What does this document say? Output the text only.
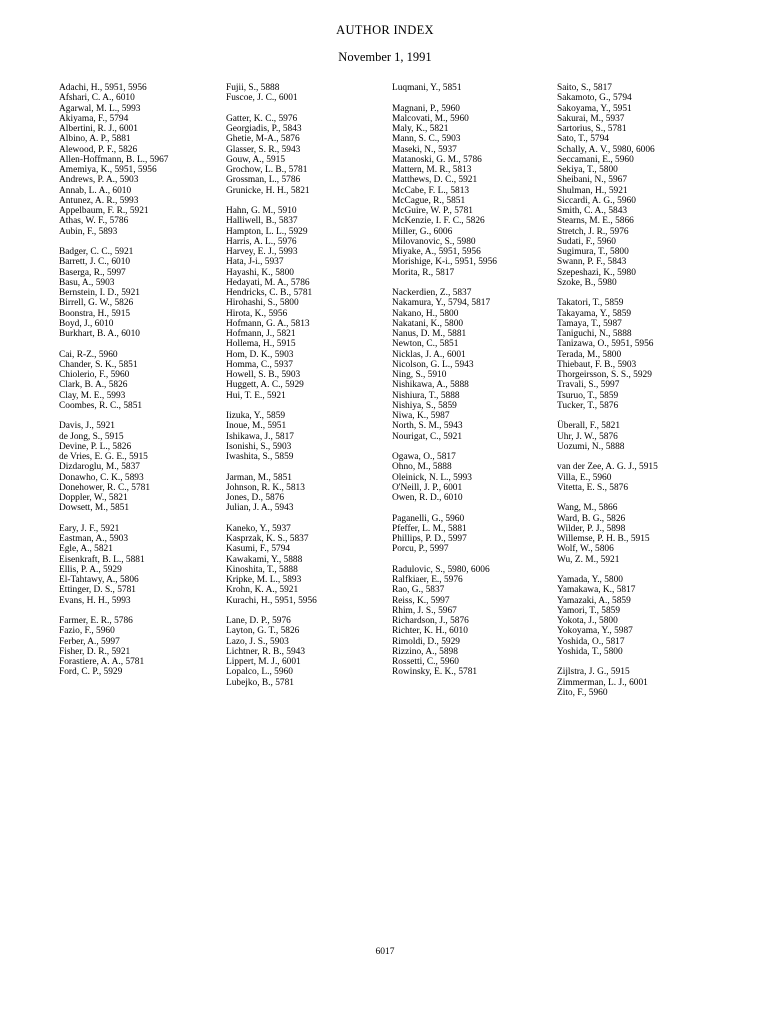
AUTHOR INDEX
November 1, 1991
Adachi, H., 5951, 5956
Afshari, C. A., 6010
Agarwal, M. L., 5993
Akiyama, F., 5794
Albertini, R. J., 6001
Albino, A. P., 5881
Alewood, P. F., 5826
Allen-Hoffmann, B. L., 5967
Amemiya, K., 5951, 5956
Andrews, P. A., 5903
Annab, L. A., 6010
Antunez, A. R., 5993
Appelbaum, F. R., 5921
Athas, W. F., 5786
Aubin, F., 5893
Badger, C. C., 5921
Barrett, J. C., 6010
Baserga, R., 5997
Basu, A., 5903
Bernstein, I. D., 5921
Birrell, G. W., 5826
Boonstra, H., 5915
Boyd, J., 6010
Burkhart, B. A., 6010
Cai, R-Z., 5960
Chander, S. K., 5851
Chiolerio, F., 5960
Clark, B. A., 5826
Clay, M. E., 5993
Coombes, R. C., 5851
Davis, J., 5921
de Jong, S., 5915
Devine, P. L., 5826
de Vries, E. G. E., 5915
Dizdaroglu, M., 5837
Donawho, C. K., 5893
Donehower, R. C., 5781
Doppler, W., 5821
Dowsett, M., 5851
Eary, J. F., 5921
Eastman, A., 5903
Egle, A., 5821
Eisenkraft, B. L., 5881
Ellis, P. A., 5929
El-Tahtawy, A., 5806
Ettinger, D. S., 5781
Evans, H. H., 5993
Farmer, E. R., 5786
Fazio, F., 5960
Ferber, A., 5997
Fisher, D. R., 5921
Forastiere, A. A., 5781
Ford, C. P., 5929
Fujii, S., 5888
Fuscoe, J. C., 6001
Gatter, K. C., 5976
Georgiadis, P., 5843
Ghetie, M-A., 5876
Glasser, S. R., 5943
Gouw, A., 5915
Grochow, L. B., 5781
Grossman, L., 5786
Grunicke, H. H., 5821
Hahn, G. M., 5910
Halliwell, B., 5837
Hampton, L. L., 5929
Harris, A. L., 5976
Harvey, E. J., 5993
Hata, J-i., 5937
Hayashi, K., 5800
Hedayati, M. A., 5786
Hendricks, C. B., 5781
Hirohashi, S., 5800
Hirota, K., 5956
Hofmann, G. A., 5813
Hofmann, J., 5821
Hollema, H., 5915
Hom, D. K., 5903
Homma, C., 5937
Howell, S. B., 5903
Huggett, A. C., 5929
Hui, T. E., 5921
Iizuka, Y., 5859
Inoue, M., 5951
Ishikawa, J., 5817
Isonishi, S., 5903
Iwashita, S., 5859
Jarman, M., 5851
Johnson, R. K., 5813
Jones, D., 5876
Julian, J. A., 5943
Kaneko, Y., 5937
Kasprzak, K. S., 5837
Kasumi, F., 5794
Kawakami, Y., 5888
Kinoshita, T., 5888
Kripke, M. L., 5893
Krohn, K. A., 5921
Kurachi, H., 5951, 5956
Lane, D. P., 5976
Layton, G. T., 5826
Lazo, J. S., 5903
Lichtner, R. B., 5943
Lippert, M. J., 6001
Lopalco, L., 5960
Lubejko, B., 5781
Luqmani, Y., 5851
Magnani, P., 5960
Malcovati, M., 5960
Maly, K., 5821
Mann, S. C., 5903
Maseki, N., 5937
Matanoski, G. M., 5786
Mattern, M. R., 5813
Matthews, D. C., 5921
McCabe, F. L., 5813
McCague, R., 5851
McGuire, W. P., 5781
McKenzie, I. F. C., 5826
Miller, G., 6006
Milovanovic, S., 5980
Miyake, A., 5951, 5956
Morishige, K-i., 5951, 5956
Morita, R., 5817
Nackerdien, Z., 5837
Nakamura, Y., 5794, 5817
Nakano, H., 5800
Nakatani, K., 5800
Nanus, D. M., 5881
Newton, C., 5851
Nicklas, J. A., 6001
Nicolson, G. L., 5943
Ning, S., 5910
Nishikawa, A., 5888
Nishiura, T., 5888
Nishiya, S., 5859
Niwa, K., 5987
North, S. M., 5943
Nourigat, C., 5921
Ogawa, O., 5817
Ohno, M., 5888
Oleinick, N. L., 5993
O'Neill, J. P., 6001
Owen, R. D., 6010
Paganelli, G., 5960
Pfeffer, L. M., 5881
Phillips, P. D., 5997
Porcu, P., 5997
Radulovic, S., 5980, 6006
Ralfkiaer, E., 5976
Rao, G., 5837
Reiss, K., 5997
Rhim, J. S., 5967
Richardson, J., 5876
Richter, K. H., 6010
Rimoldi, D., 5929
Rizzino, A., 5898
Rossetti, C., 5960
Rowinsky, E. K., 5781
Saito, S., 5817
Sakamoto, G., 5794
Sakoyama, Y., 5951
Sakurai, M., 5937
Sartorius, S., 5781
Sato, T., 5794
Schally, A. V., 5980, 6006
Seccamani, E., 5960
Sekiya, T., 5800
Sheibani, N., 5967
Shulman, H., 5921
Siccardi, A. G., 5960
Smith, C. A., 5843
Stearns, M. E., 5866
Stretch, J. R., 5976
Sudati, F., 5960
Sugimura, T., 5800
Swann, P. F., 5843
Szepeshazi, K., 5980
Szoke, B., 5980
Takatori, T., 5859
Takayama, Y., 5859
Tamaya, T., 5987
Taniguchi, N., 5888
Tanizawa, O., 5951, 5956
Terada, M., 5800
Thiebaut, F. B., 5903
Thorgeirsson, S. S., 5929
Travali, S., 5997
Tsuruo, T., 5859
Tucker, T., 5876
Überall, F., 5821
Uhr, J. W., 5876
Uozumi, N., 5888
van der Zee, A. G. J., 5915
Villa, E., 5960
Vitetta, E. S., 5876
Wang, M., 5866
Ward, B. G., 5826
Wilder, P. J., 5898
Willemse, P. H. B., 5915
Wolf, W., 5806
Wu, Z. M., 5921
Yamada, Y., 5800
Yamakawa, K., 5817
Yamazaki, A., 5859
Yamori, T., 5859
Yokota, J., 5800
Yokoyama, Y., 5987
Yoshida, O., 5817
Yoshida, T., 5800
Zijlstra, J. G., 5915
Zimmerman, L. J., 6001
Zito, F., 5960
6017
